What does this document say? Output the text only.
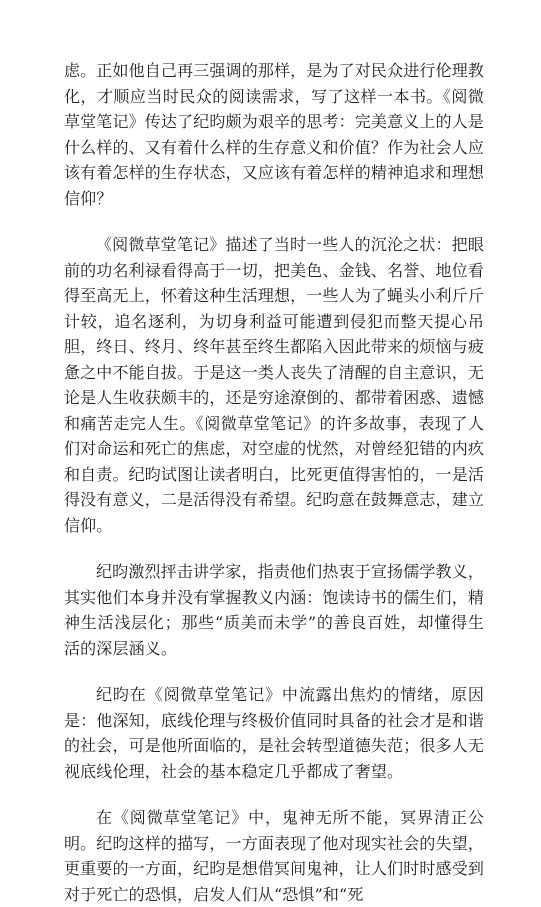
虑。正如他自己再三强调的那样，是为了对民众进行伦理教化，才顺应当时民众的阅读需求，写了这样一本书。《阅微草堂笔记》传达了纪昀颇为艰辛的思考：完美意义上的人是什么样的、又有着什么样的生存意义和价值？作为社会人应该有着怎样的生存状态，又应该有着怎样的精神追求和理想信仰？

《阅微草堂笔记》描述了当时一些人的沉沦之状：把眼前的功名利禄看得高于一切，把美色、金钱、名誉、地位看得至高无上，怀着这种生活理想，一些人为了蝇头小利斤斤计较，追名逐利，为切身利益可能遭到侵犯而整天提心吊胆，终日、终月、终年甚至终生都陷入因此带来的烦恼与疲惫之中不能自拔。于是这一类人丧失了清醒的自主意识，无论是人生收获颇丰的，还是穷途潦倒的、都带着困惑、遗憾和痛苦走完人生。《阅微草堂笔记》的许多故事，表现了人们对命运和死亡的焦虑，对空虚的忧然，对曾经犯错的内疚和自责。纪昀试图让读者明白，比死更值得害怕的，一是活得没有意义，二是活得没有希望。纪昀意在鼓舞意志，建立信仰。

纪昀激烈抨击讲学家，指责他们热衷于宣扬儒学教义，其实他们本身并没有掌握教义内涵：饱读诗书的儒生们，精神生活浅层化；那些“质美而未学”的善良百姓，却懂得生活的深层涵义。

纪昀在《阅微草堂笔记》中流露出焦灼的情绪，原因是：他深知，底线伦理与终极价值同时具备的社会才是和谐的社会，可是他所面临的，是社会转型道德失范；很多人无视底线伦理，社会的基本稳定几乎都成了奢望。

在《阅微草堂笔记》中，鬼神无所不能，冥界清正公明。纪昀这样的描写，一方面表现了他对现实社会的失望，更重要的一方面，纪昀是想借冥间鬼神，让人们时时感受到对于死亡的恐惧，启发人们从“恐惧”和“死
